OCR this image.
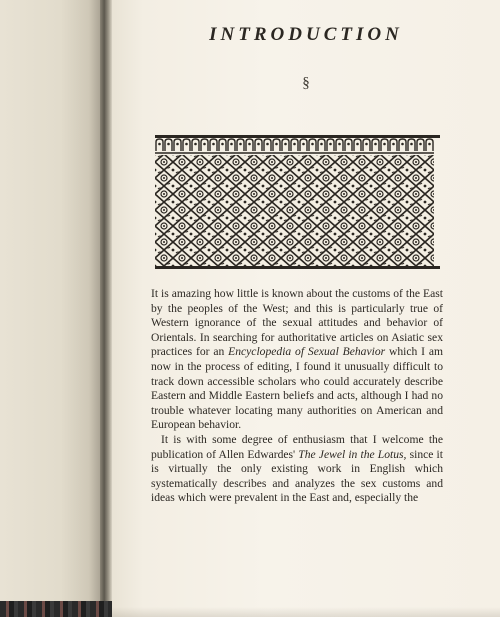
INTRODUCTION
§

It is amazing how little is known about the customs of the East by the peoples of the West; and this is particularly true of Western ignorance of the sexual attitudes and behavior of Orientals. In searching for authoritative articles on Asiatic sex practices for an Encyclopedia of Sexual Behavior which I am now in the process of editing, I found it unusually difficult to track down accessible scholars who could accurately describe Eastern and Middle Eastern beliefs and acts, although I had no trouble whatever locating many authorities on American and European behavior.

It is with some degree of enthusiasm that I welcome the publication of Allen Edwardes' The Jewel in the Lotus, since it is virtually the only existing work in English which systematically describes and analyzes the sex customs and ideas which were prevalent in the East and, especially the
